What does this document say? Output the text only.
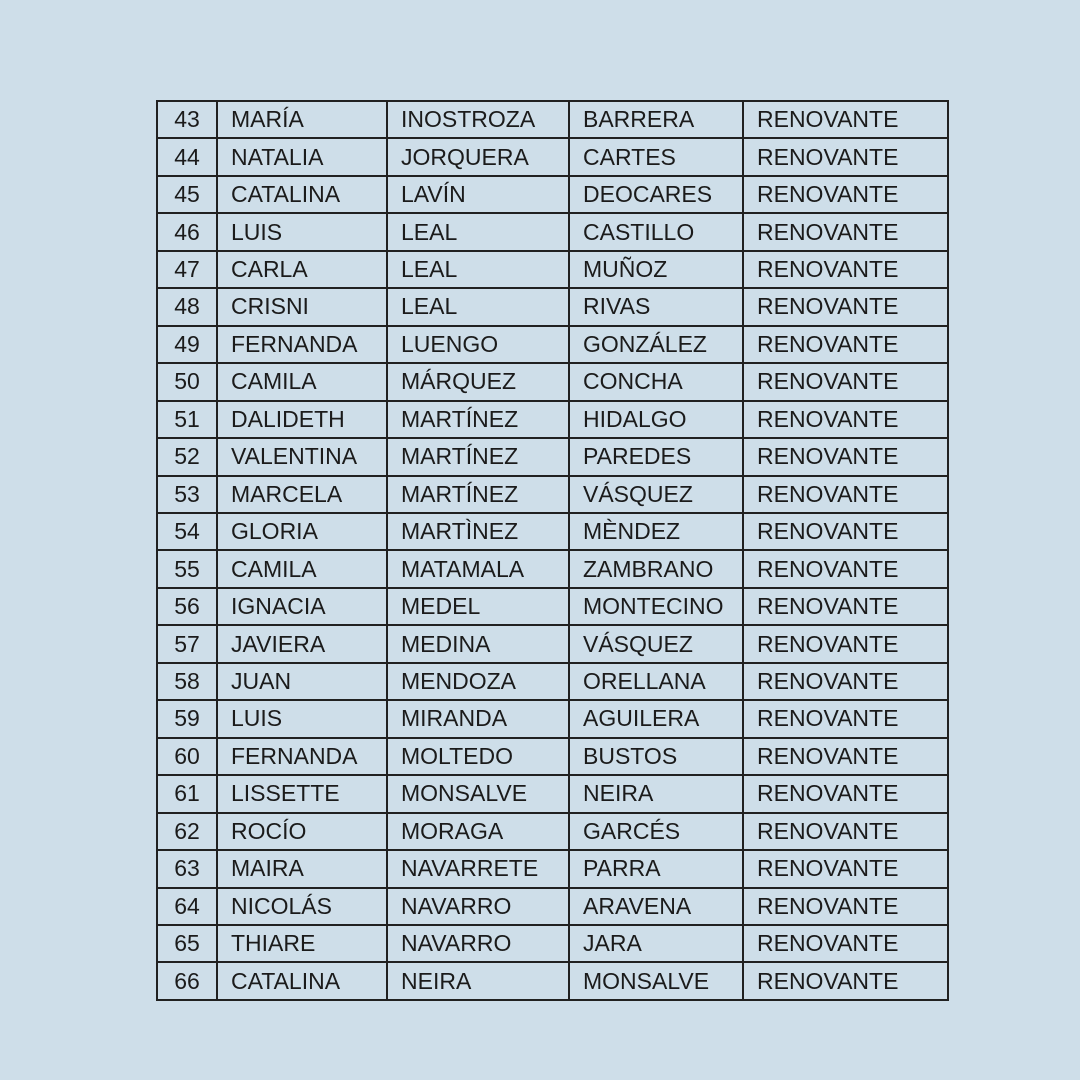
43	MARÍA	INOSTROZA	BARRERA	RENOVANTE
44	NATALIA	JORQUERA	CARTES	RENOVANTE
45	CATALINA	LAVÍN	DEOCARES	RENOVANTE
46	LUIS	LEAL	CASTILLO	RENOVANTE
47	CARLA	LEAL	MUÑOZ	RENOVANTE
48	CRISNI	LEAL	RIVAS	RENOVANTE
49	FERNANDA	LUENGO	GONZÁLEZ	RENOVANTE
50	CAMILA	MÁRQUEZ	CONCHA	RENOVANTE
51	DALIDETH	MARTÍNEZ	HIDALGO	RENOVANTE
52	VALENTINA	MARTÍNEZ	PAREDES	RENOVANTE
53	MARCELA	MARTÍNEZ	VÁSQUEZ	RENOVANTE
54	GLORIA	MARTÌNEZ	MÈNDEZ	RENOVANTE
55	CAMILA	MATAMALA	ZAMBRANO	RENOVANTE
56	IGNACIA	MEDEL	MONTECINO	RENOVANTE
57	JAVIERA	MEDINA	VÁSQUEZ	RENOVANTE
58	JUAN	MENDOZA	ORELLANA	RENOVANTE
59	LUIS	MIRANDA	AGUILERA	RENOVANTE
60	FERNANDA	MOLTEDO	BUSTOS	RENOVANTE
61	LISSETTE	MONSALVE	NEIRA	RENOVANTE
62	ROCÍO	MORAGA	GARCÉS	RENOVANTE
63	MAIRA	NAVARRETE	PARRA	RENOVANTE
64	NICOLÁS	NAVARRO	ARAVENA	RENOVANTE
65	THIARE	NAVARRO	JARA	RENOVANTE
66	CATALINA	NEIRA	MONSALVE	RENOVANTE
